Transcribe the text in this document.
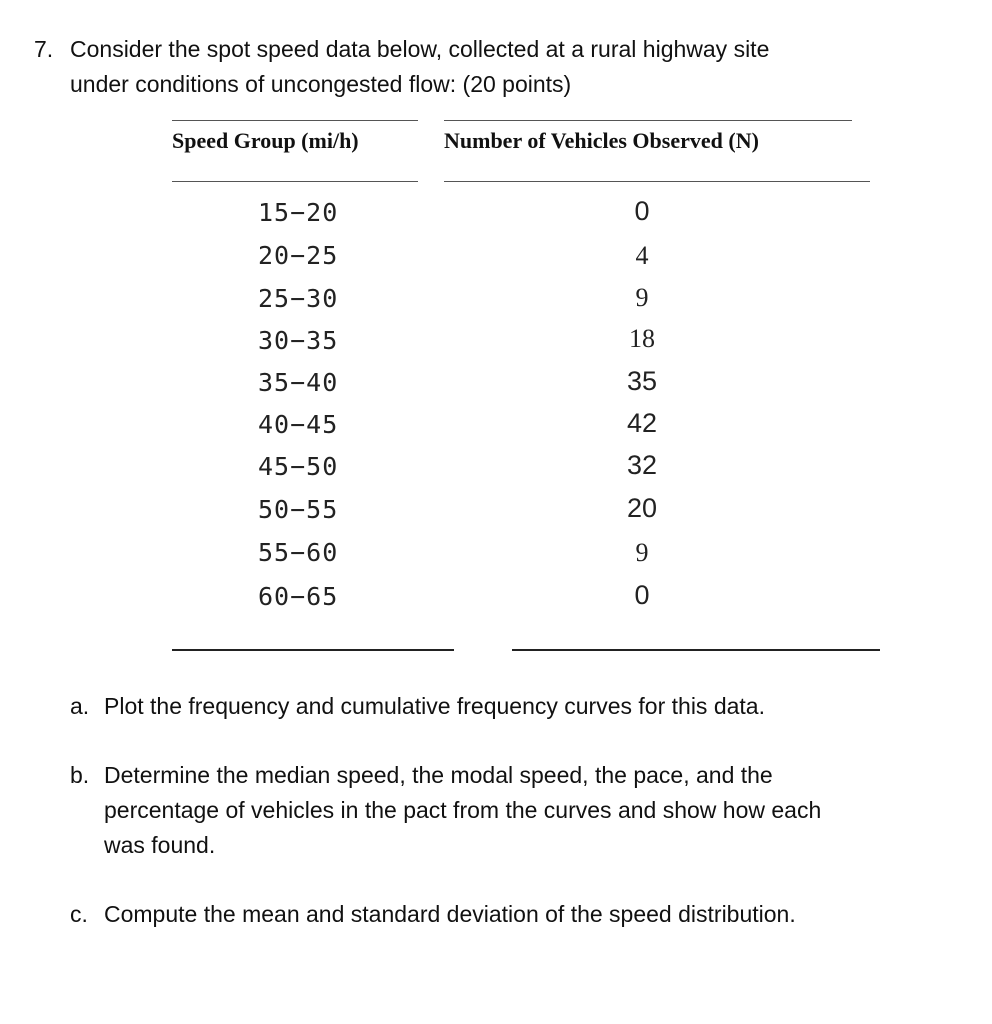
7. Consider the spot speed data below, collected at a rural highway site
under conditions of uncongested flow: (20 points)
Speed Group (mi/h)	Number of Vehicles Observed (N)
15−20
20−25
25−30
30−35
35−40
40−45
45−50
50−55
55−60
60−65
0
4
9
18
35
42
32
20
9
0
a. Plot the frequency and cumulative frequency curves for this data.
b. Determine the median speed, the modal speed, the pace, and the
percentage of vehicles in the pact from the curves and show how each
was found.
c. Compute the mean and standard deviation of the speed distribution.
